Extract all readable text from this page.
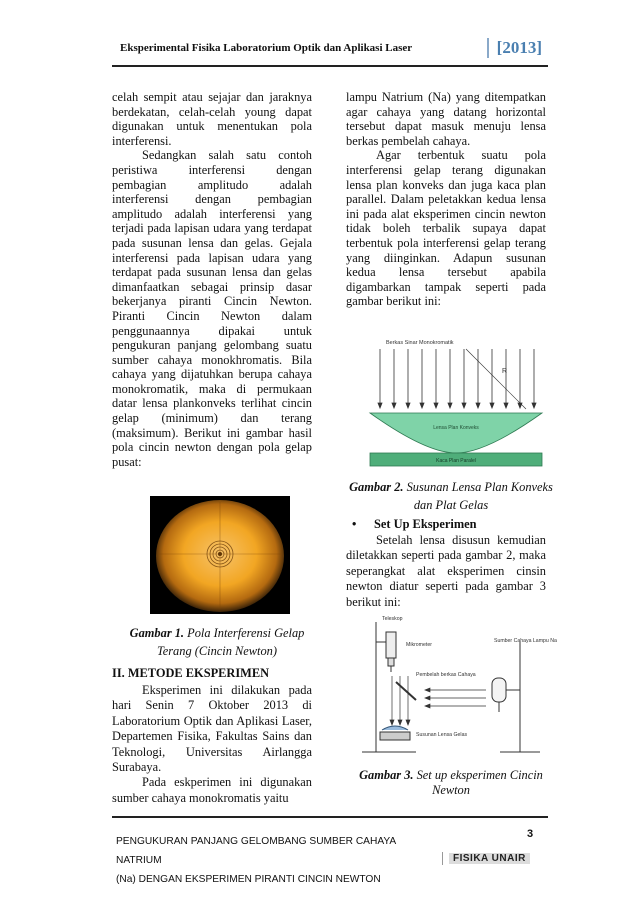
Eksperimental Fisika Laboratorium Optik dan Aplikasi Laser	[2013]

celah sempit atau sejajar dan jaraknya berdekatan, celah-celah young dapat digunakan untuk menentukan pola interferensi.

Sedangkan salah satu contoh peristiwa interferensi dengan pembagian amplitudo adalah interferensi dengan pembagian amplitudo adalah interferensi yang terjadi pada lapisan udara yang terdapat pada susunan lensa dan gelas. Gejala interferensi pada lapisan udara yang terdapat pada susunan lensa dan gelas dimanfaatkan sebagai prinsip dasar bekerjanya piranti Cincin Newton. Piranti Cincin Newton dalam penggunaannya dipakai untuk pengukuran panjang gelombang suatu sumber cahaya monokhromatis. Bila cahaya yang dijatuhkan berupa cahaya monokromatik, maka di permukaan datar lensa plankonveks terlihat cincin gelap (minimum) dan terang (maksimum). Berikut ini gambar hasil pola cincin newton dengan pola gelap pusat:

Gambar 1. Pola Interferensi Gelap Terang (Cincin Newton)
II. METODE EKSPERIMEN

Eksperimen ini dilakukan pada hari Senin 7 Oktober 2013 di Laboratorium Optik dan Aplikasi Laser, Departemen Fisika, Fakultas Sains dan Teknologi, Universitas Airlangga Surabaya.

Pada eskperimen ini digunakan sumber cahaya monokromatis yaitu

lampu Natrium (Na) yang ditempatkan agar cahaya yang datang horizontal tersebut dapat masuk menuju lensa berkas pembelah cahaya.

Agar terbentuk suatu pola interferensi gelap terang digunakan lensa plan konveks dan juga kaca plan parallel. Dalam peletakkan kedua lensa ini pada alat eksperimen cincin newton tidak boleh terbalik supaya dapat terbentuk pola interferensi gelap terang yang diinginkan. Adapun susunan kedua lensa tersebut apabila digambarkan tampak seperti pada gambar berikut ini:

Berkas Sinar Monokromatik
R
Lensa Plan Konveks
Kaca Plan Paralel
Gambar 2. Susunan Lensa Plan Konveks dan Plat Gelas
• Set Up Eksperimen

Setelah lensa disusun kemudian diletakkan seperti pada gambar 2, maka seperangkat alat eksperimen cinsin newton diatur seperti pada gambar 3 berikut ini:

Teleskop
Mikrometer
Sumber Cahaya Lampu Na
Pembelah berkas Cahaya
Susunan Lensa Gelas
Gambar 3. Set up eksperimen Cincin Newton
PENGUKURAN PANJANG GELOMBANG SUMBER CAHAYA NATRIUM
(Na) DENGAN EKSPERIMEN PIRANTI CINCIN NEWTON
3
FISIKA UNAIR
